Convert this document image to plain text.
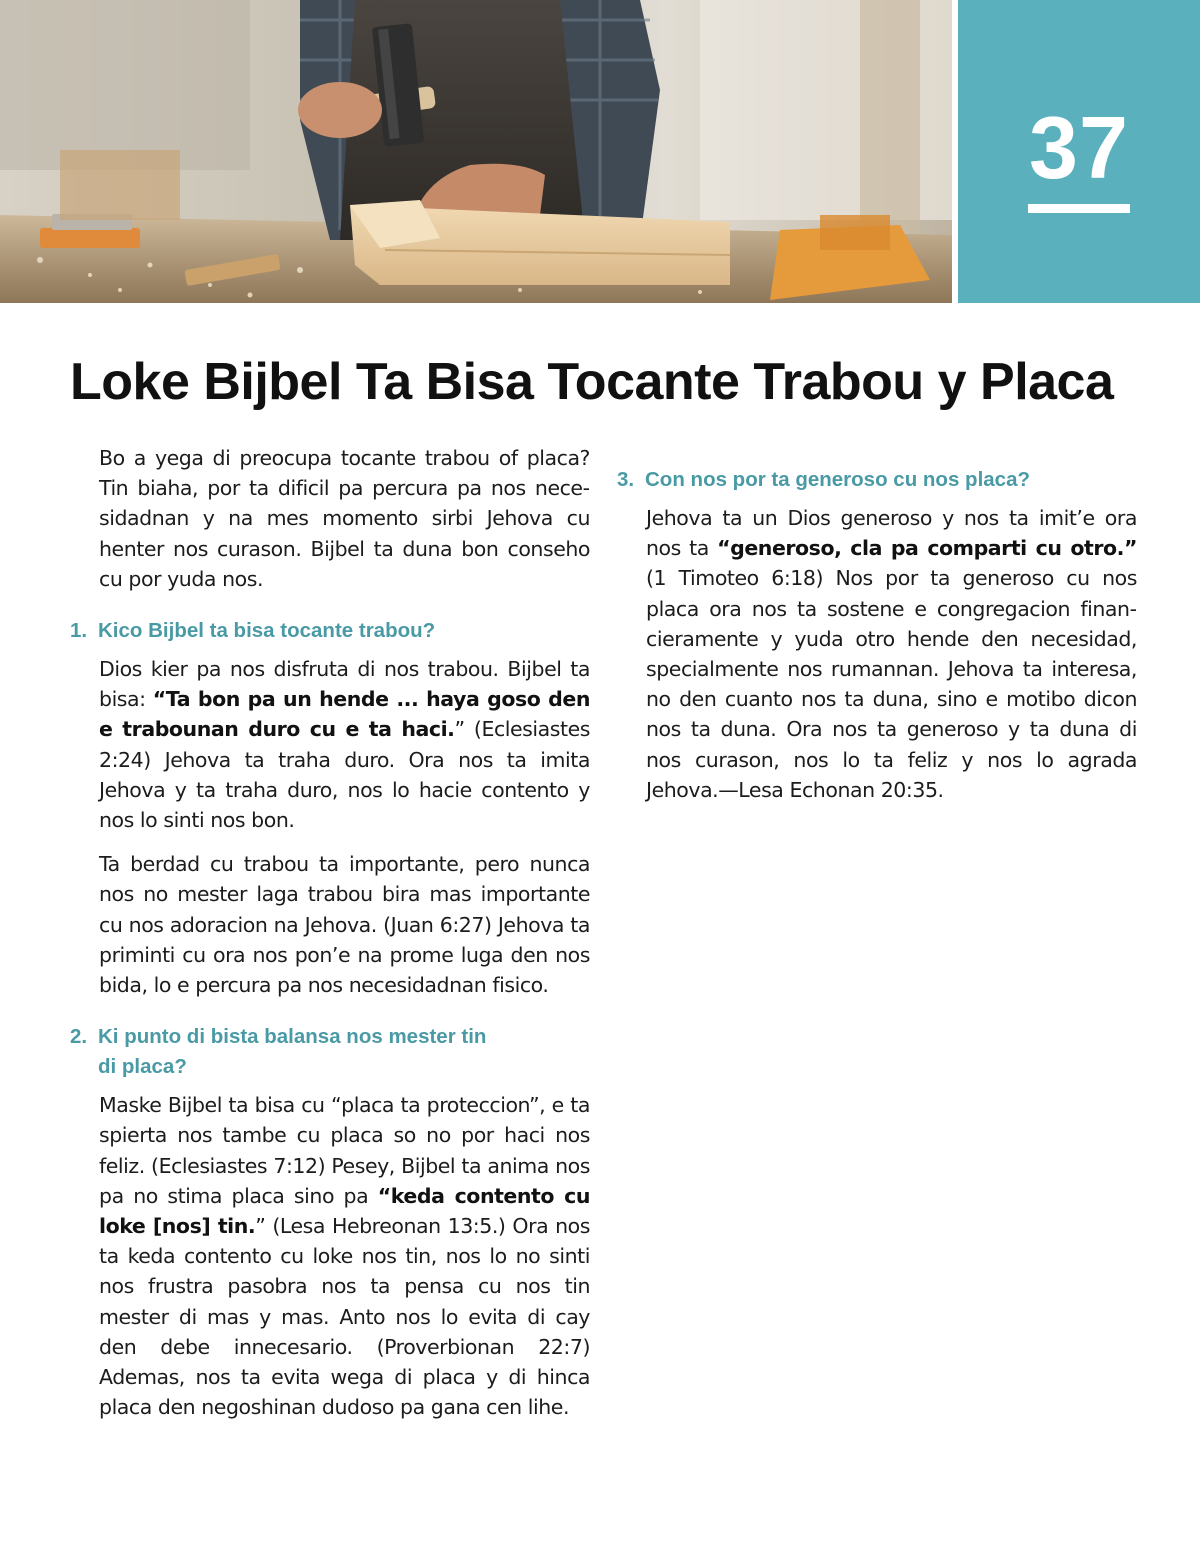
37
Loke Bijbel Ta Bisa Tocante Trabou y Placa

Bo a yega di preocupa tocante trabou of placa? Tin biaha, por ta dificil pa percura pa nos necesidadnan y na mes momento sirbi Jehova cu henter nos curason. Bijbel ta duna bon conseho cu por yuda nos.

1. Kico Bijbel ta bisa tocante trabou?

Dios kier pa nos disfruta di nos trabou. Bijbel ta bisa: “Ta bon pa un hende ... haya goso den e trabounan duro cu e ta haci.” (Eclesiastes 2:24) Jehova ta traha duro. Ora nos ta imita Jehova y ta traha duro, nos lo hacie contento y nos lo sinti nos bon.

Ta berdad cu trabou ta importante, pero nunca nos no mester laga trabou bira mas importante cu nos adoracion na Jehova. (Juan 6:27) Jehova ta priminti cu ora nos pon’e na prome luga den nos bida, lo e percura pa nos necesidadnan fisico.

2. Ki punto di bista balansa nos mester tin
di placa?

Maske Bijbel ta bisa cu “placa ta proteccion”, e ta spierta nos tambe cu placa so no por haci nos feliz. (Eclesiastes 7:12) Pesey, Bijbel ta anima nos pa no stima placa sino pa “keda contento cu loke [nos] tin.” (Lesa Hebreonan 13:5.) Ora nos ta keda contento cu loke nos tin, nos lo no sinti nos frustra pasobra nos ta pensa cu nos tin mester di mas y mas. Anto nos lo evita di cay den debe innecesario. (Proverbionan 22:7) Ademas, nos ta evita wega di placa y di hinca placa den negoshinan dudoso pa gana cen lihe.

3. Con nos por ta generoso cu nos placa?

Jehova ta un Dios generoso y nos ta imit’e ora nos ta “generoso, cla pa comparti cu otro.” (1 Timoteo 6:18) Nos por ta generoso cu nos placa ora nos ta sostene e congregacion financieramente y yuda otro hende den necesidad, specialmente nos rumannan. Jehova ta interesa, no den cuanto nos ta duna, sino e motibo dicon nos ta duna. Ora nos ta generoso y ta duna di nos curason, nos lo ta feliz y nos lo agrada Jehova.—Lesa Echonan 20:35.
